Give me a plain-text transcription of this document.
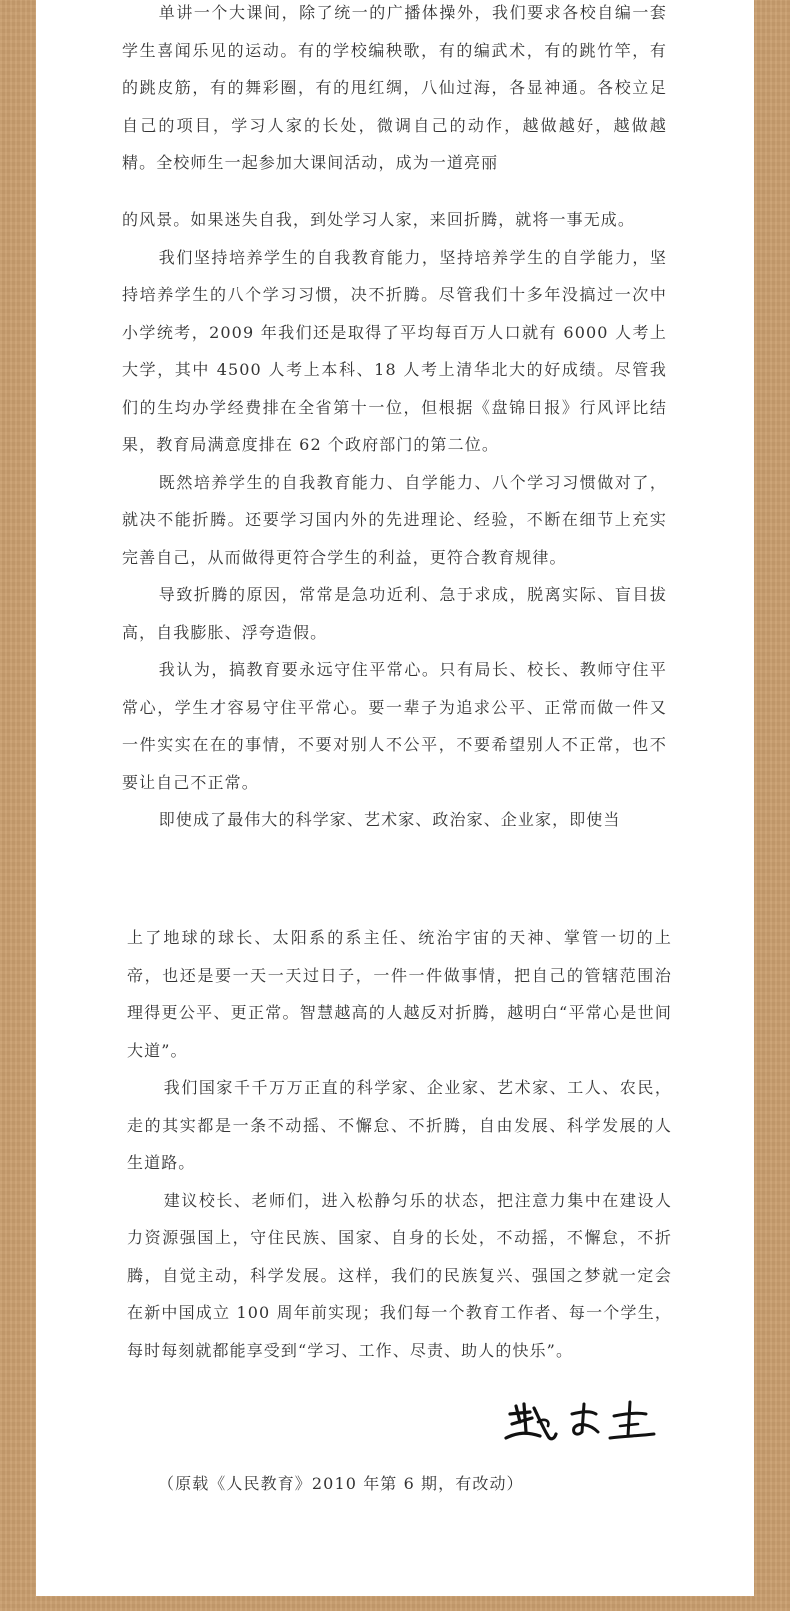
单讲一个大课间，除了统一的广播体操外，我们要求各校自编一套学生喜闻乐见的运动。有的学校编秧歌，有的编武术，有的跳竹竿，有的跳皮筋，有的舞彩圈，有的甩红绸，八仙过海，各显神通。各校立足自己的项目，学习人家的长处，微调自己的动作，越做越好，越做越精。全校师生一起参加大课间活动，成为一道亮丽

的风景。如果迷失自我，到处学习人家，来回折腾，就将一事无成。

我们坚持培养学生的自我教育能力，坚持培养学生的自学能力，坚持培养学生的八个学习习惯，决不折腾。尽管我们十多年没搞过一次中小学统考，2009 年我们还是取得了平均每百万人口就有 6000 人考上大学，其中 4500 人考上本科、18 人考上清华北大的好成绩。尽管我们的生均办学经费排在全省第十一位，但根据《盘锦日报》行风评比结果，教育局满意度排在 62 个政府部门的第二位。

既然培养学生的自我教育能力、自学能力、八个学习习惯做对了，就决不能折腾。还要学习国内外的先进理论、经验，不断在细节上充实完善自己，从而做得更符合学生的利益，更符合教育规律。

导致折腾的原因，常常是急功近利、急于求成，脱离实际、盲目拔高，自我膨胀、浮夸造假。

我认为，搞教育要永远守住平常心。只有局长、校长、教师守住平常心，学生才容易守住平常心。要一辈子为追求公平、正常而做一件又一件实实在在的事情，不要对别人不公平，不要希望别人不正常，也不要让自己不正常。

即使成了最伟大的科学家、艺术家、政治家、企业家，即使当

上了地球的球长、太阳系的系主任、统治宇宙的天神、掌管一切的上帝，也还是要一天一天过日子，一件一件做事情，把自己的管辖范围治理得更公平、更正常。智慧越高的人越反对折腾，越明白“平常心是世间大道”。

我们国家千千万万正直的科学家、企业家、艺术家、工人、农民，走的其实都是一条不动摇、不懈怠、不折腾，自由发展、科学发展的人生道路。

建议校长、老师们，进入松静匀乐的状态，把注意力集中在建设人力资源强国上，守住民族、国家、自身的长处，不动摇，不懈怠，不折腾，自觉主动，科学发展。这样，我们的民族复兴、强国之梦就一定会在新中国成立 100 周年前实现；我们每一个教育工作者、每一个学生，每时每刻就都能享受到“学习、工作、尽责、助人的快乐”。

（原载《人民教育》2010 年第 6 期，有改动）
